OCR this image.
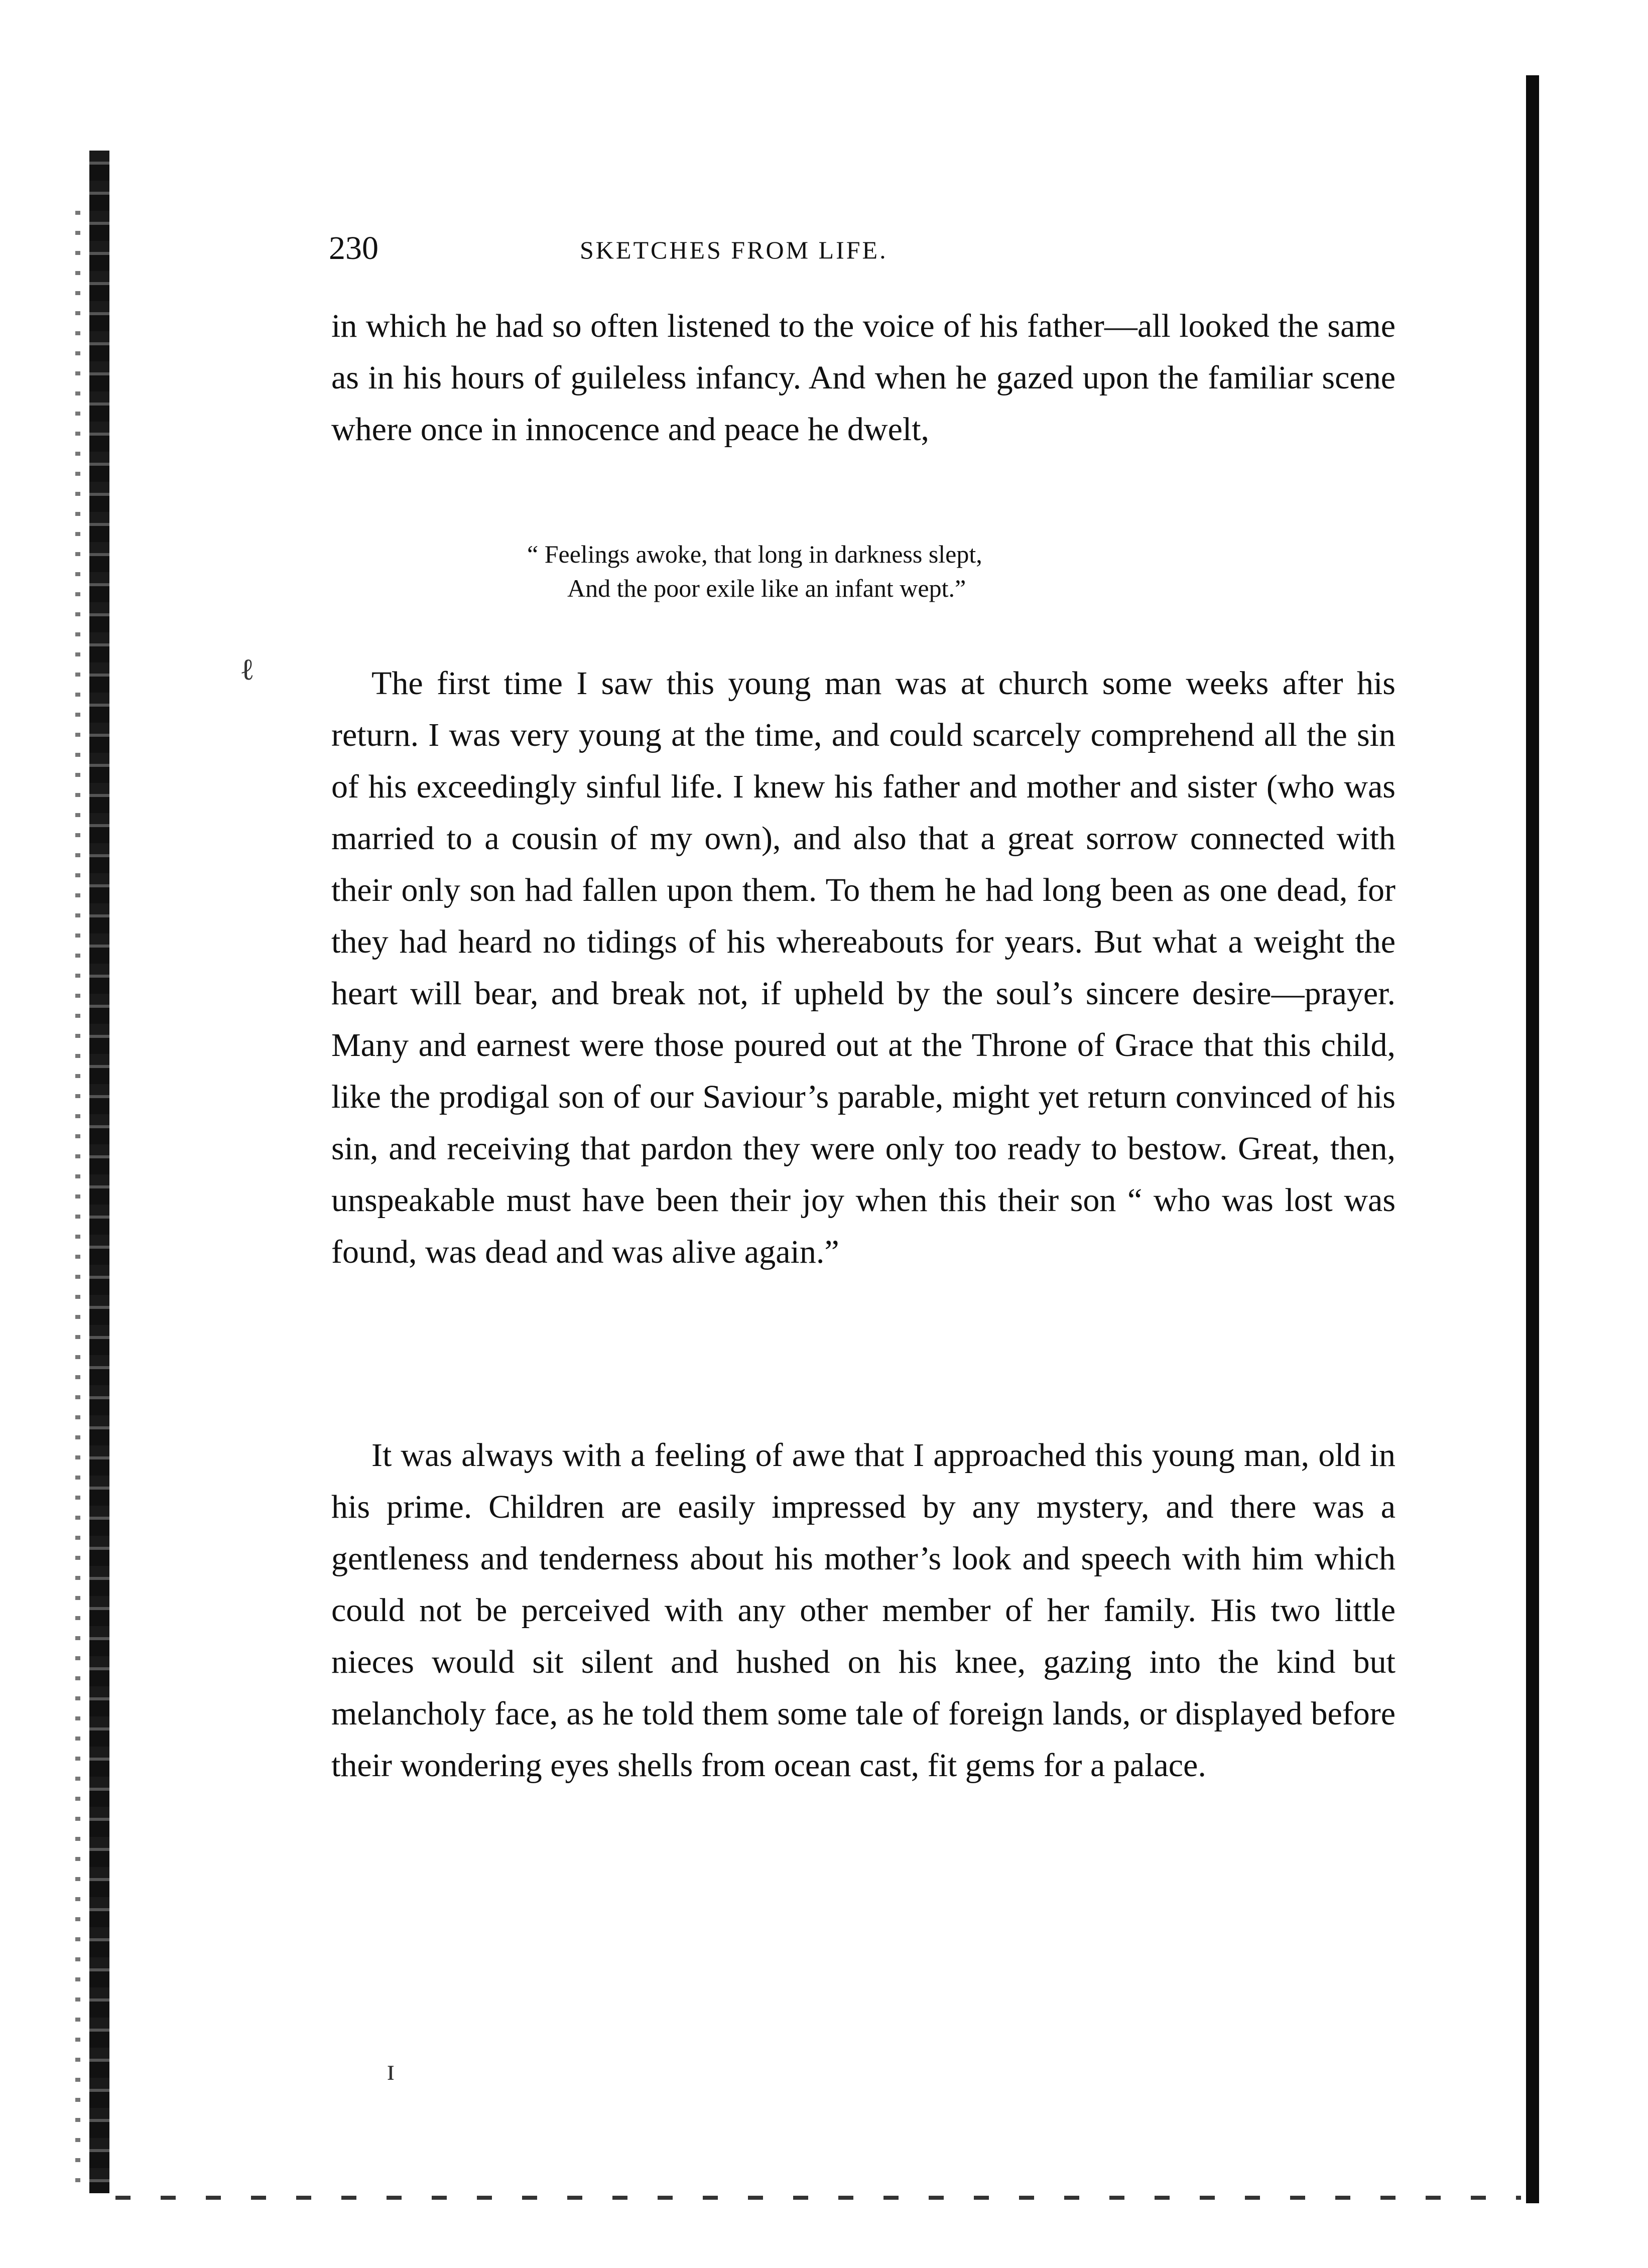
230	SKETCHES FROM LIFE.

in which he had so often listened to the voice of his father—all looked the same as in his hours of guileless infancy. And when he gazed upon the familiar scene where once in innocence and peace he dwelt,

“ Feelings awoke, that long in darkness slept,
And the poor exile like an infant wept.”

The first time I saw this young man was at church some weeks after his return. I was very young at the time, and could scarcely comprehend all the sin of his exceedingly sinful life. I knew his father and mother and sister (who was married to a cousin of my own), and also that a great sorrow connected with their only son had fallen upon them. To them he had long been as one dead, for they had heard no tidings of his whereabouts for years. But what a weight the heart will bear, and break not, if upheld by the soul’s sincere desire—prayer. Many and earnest were those poured out at the Throne of Grace that this child, like the prodigal son of our Saviour’s parable, might yet return convinced of his sin, and receiving that pardon they were only too ready to bestow. Great, then, unspeakable must have been their joy when this their son “ who was lost was found, was dead and was alive again.”

It was always with a feeling of awe that I approached this young man, old in his prime. Children are easily impressed by any mystery, and there was a gentleness and tenderness about his mother’s look and speech with him which could not be perceived with any other member of her family. His two little nieces would sit silent and hushed on his knee, gazing into the kind but melancholy face, as he told them some tale of foreign lands, or displayed before their wondering eyes shells from ocean cast, fit gems for a palace.

ℓ
ɪ
